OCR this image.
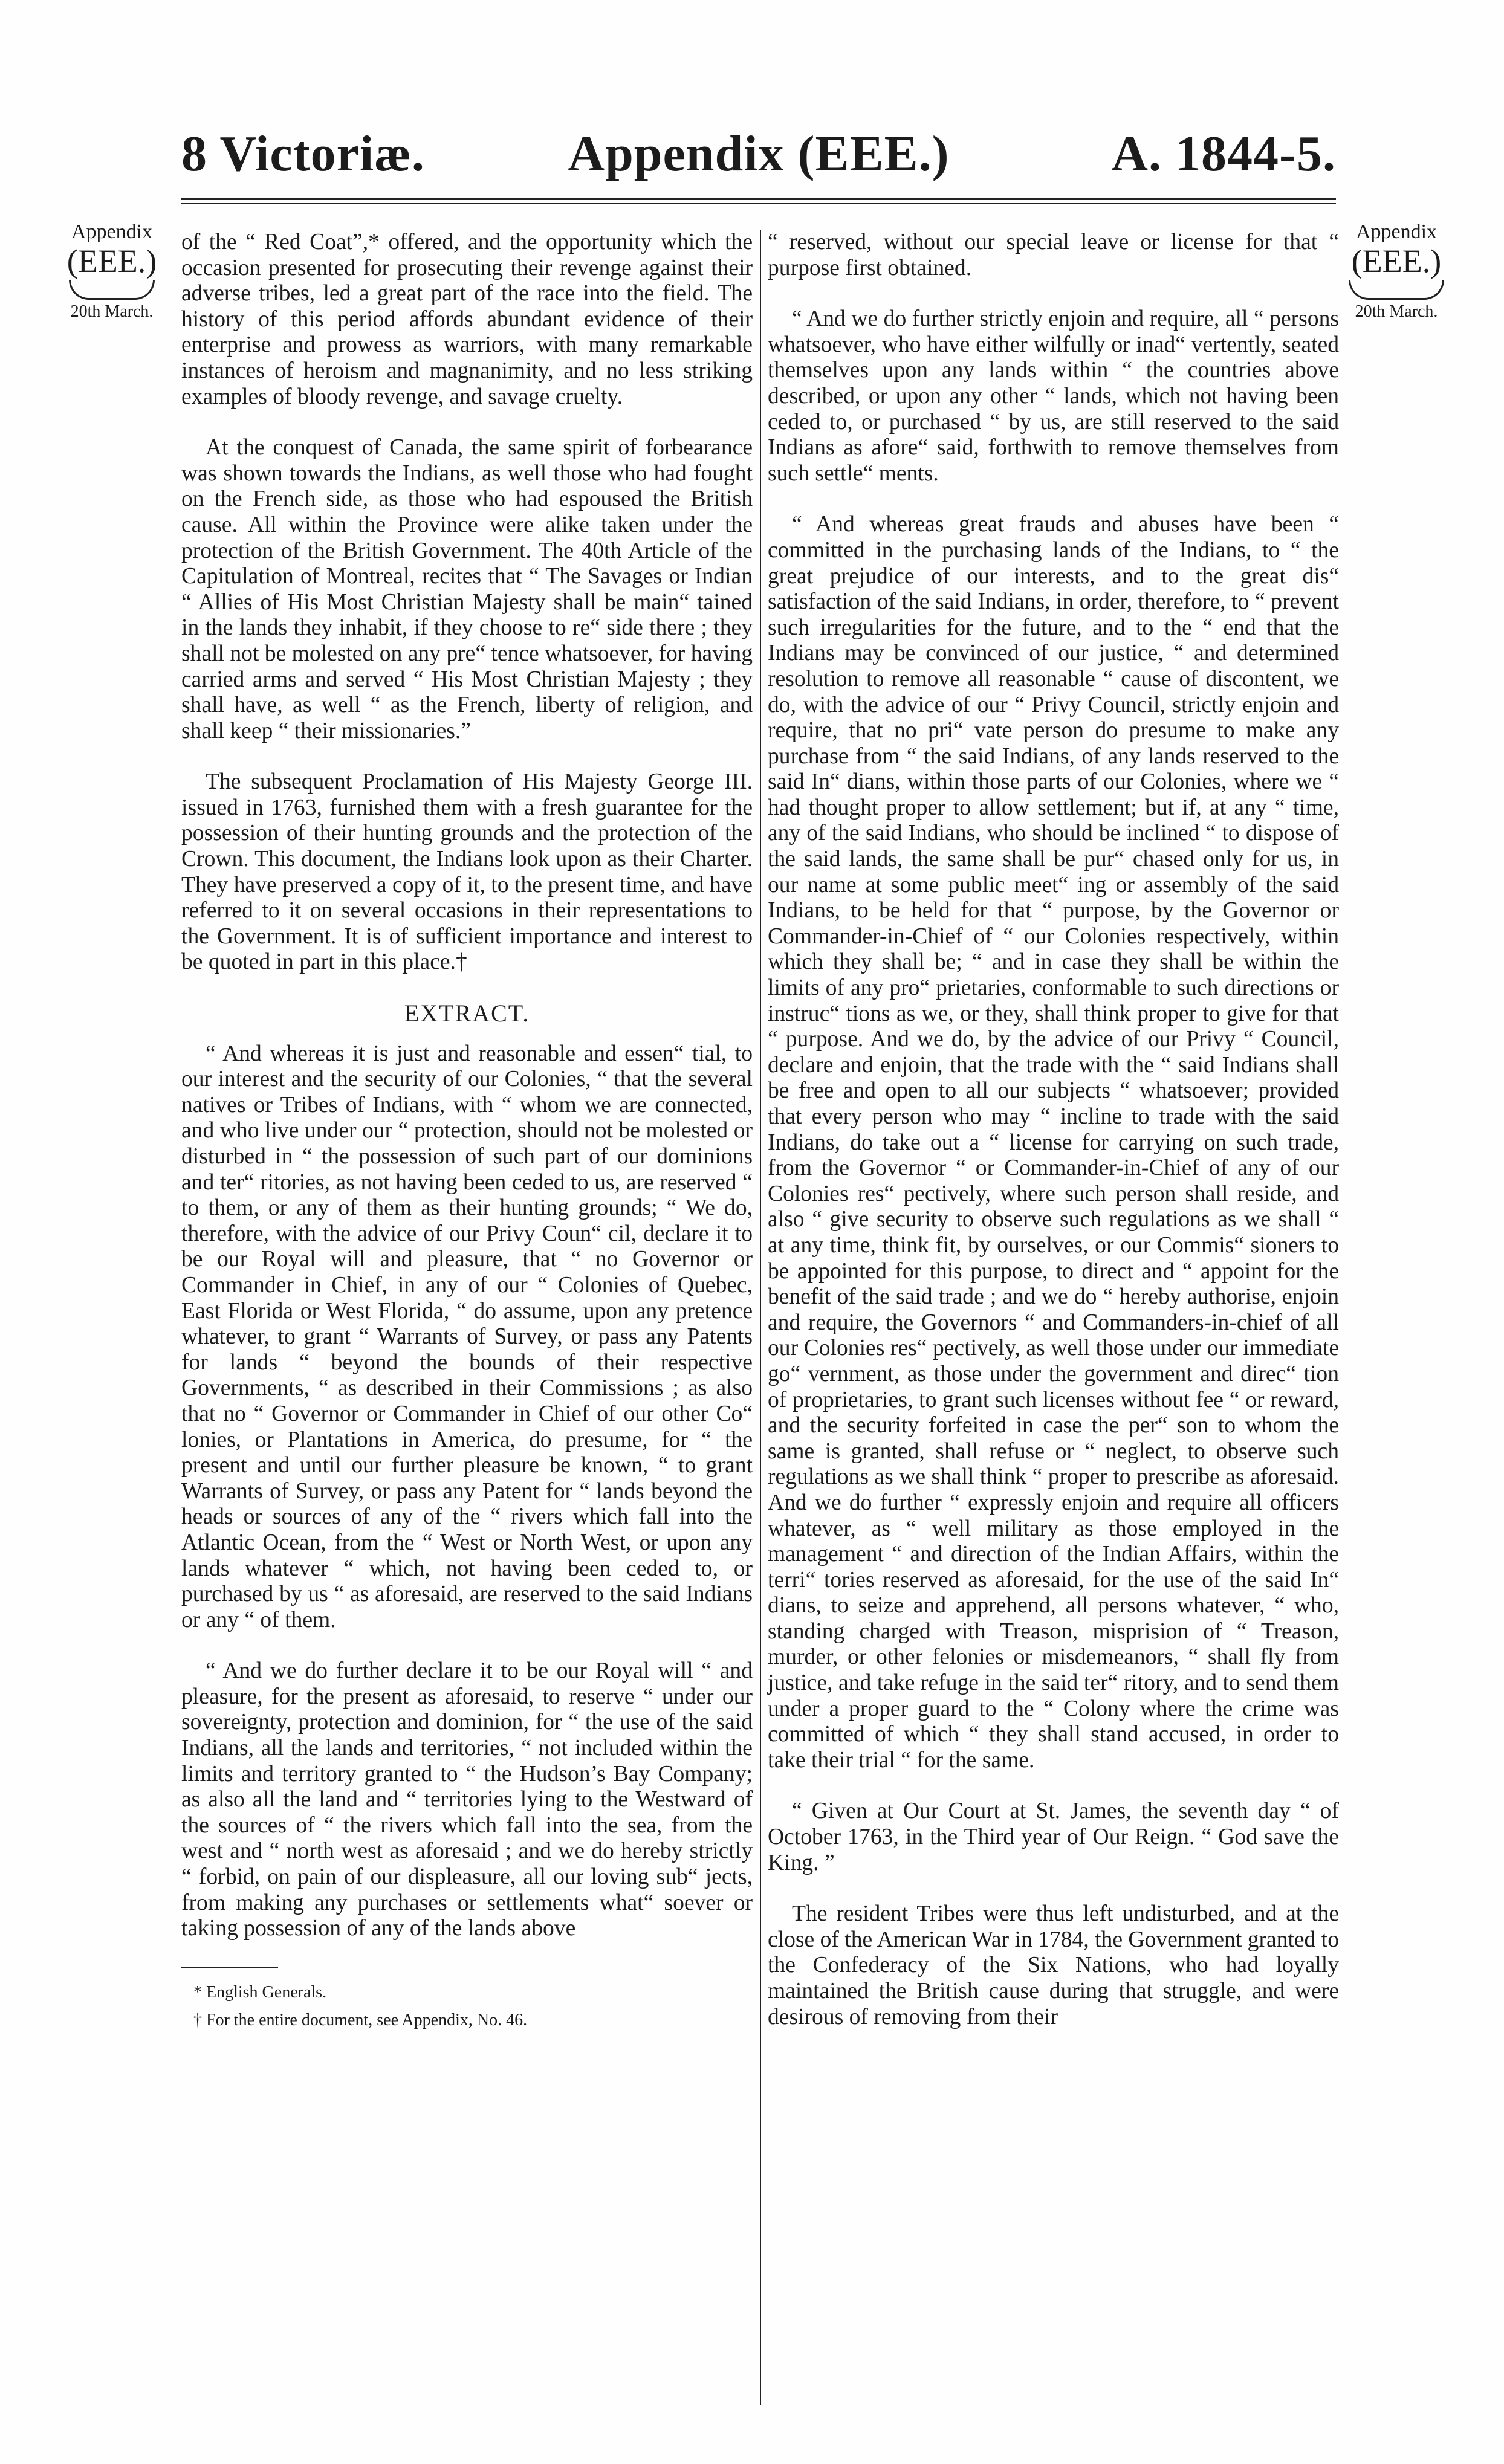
Appendix (EEE.)
8 Victoriæ.	A. 1844-5.
Appendix
(EEE.)
20th March.
Appendix
(EEE.)
20th March.

of the “ Red Coat”,* offered, and the opportunity which the occasion presented for prosecuting their revenge against their adverse tribes, led a great part of the race into the field. The history of this period affords abundant evidence of their enterprise and prowess as warriors, with many remarkable instances of heroism and magnanimity, and no less striking examples of bloody revenge, and savage cruelty.

At the conquest of Canada, the same spirit of forbearance was shown towards the Indians, as well those who had fought on the French side, as those who had espoused the British cause. All within the Province were alike taken under the protection of the British Government. The 40th Article of the Capitulation of Montreal, recites that “ The Savages or Indian “ Allies of His Most Christian Majesty shall be main“ tained in the lands they inhabit, if they choose to re“ side there ; they shall not be molested on any pre“ tence whatsoever, for having carried arms and served “ His Most Christian Majesty ; they shall have, as well “ as the French, liberty of religion, and shall keep “ their missionaries.”

The subsequent Proclamation of His Majesty George III. issued in 1763, furnished them with a fresh guarantee for the possession of their hunting grounds and the protection of the Crown. This document, the Indians look upon as their Charter. They have preserved a copy of it, to the present time, and have referred to it on several occasions in their representations to the Government. It is of sufficient importance and interest to be quoted in part in this place.†

EXTRACT.

“ And whereas it is just and reasonable and essen“ tial, to our interest and the security of our Colonies, “ that the several natives or Tribes of Indians, with “ whom we are connected, and who live under our “ protection, should not be molested or disturbed in “ the possession of such part of our dominions and ter“ ritories, as not having been ceded to us, are reserved “ to them, or any of them as their hunting grounds; “ We do, therefore, with the advice of our Privy Coun“ cil, declare it to be our Royal will and pleasure, that “ no Governor or Commander in Chief, in any of our “ Colonies of Quebec, East Florida or West Florida, “ do assume, upon any pretence whatever, to grant “ Warrants of Survey, or pass any Patents for lands “ beyond the bounds of their respective Governments, “ as described in their Commissions ; as also that no “ Governor or Commander in Chief of our other Co“ lonies, or Plantations in America, do presume, for “ the present and until our further pleasure be known, “ to grant Warrants of Survey, or pass any Patent for “ lands beyond the heads or sources of any of the “ rivers which fall into the Atlantic Ocean, from the “ West or North West, or upon any lands whatever “ which, not having been ceded to, or purchased by us “ as aforesaid, are reserved to the said Indians or any “ of them.

“ And we do further declare it to be our Royal will “ and pleasure, for the present as aforesaid, to reserve “ under our sovereignty, protection and dominion, for “ the use of the said Indians, all the lands and territories, “ not included within the limits and territory granted to “ the Hudson’s Bay Company; as also all the land and “ territories lying to the Westward of the sources of “ the rivers which fall into the sea, from the west and “ north west as aforesaid ; and we do hereby strictly “ forbid, on pain of our displeasure, all our loving sub“ jects, from making any purchases or settlements what“ soever or taking possession of any of the lands above

* English Generals.
† For the entire document, see Appendix, No. 46.

“ reserved, without our special leave or license for that “ purpose first obtained.

“ And we do further strictly enjoin and require, all “ persons whatsoever, who have either wilfully or inad“ vertently, seated themselves upon any lands within “ the countries above described, or upon any other “ lands, which not having been ceded to, or purchased “ by us, are still reserved to the said Indians as afore“ said, forthwith to remove themselves from such settle“ ments.

“ And whereas great frauds and abuses have been “ committed in the purchasing lands of the Indians, to “ the great prejudice of our interests, and to the great dis“ satisfaction of the said Indians, in order, therefore, to “ prevent such irregularities for the future, and to the “ end that the Indians may be convinced of our justice, “ and determined resolution to remove all reasonable “ cause of discontent, we do, with the advice of our “ Privy Council, strictly enjoin and require, that no pri“ vate person do presume to make any purchase from “ the said Indians, of any lands reserved to the said In“ dians, within those parts of our Colonies, where we “ had thought proper to allow settlement; but if, at any “ time, any of the said Indians, who should be inclined “ to dispose of the said lands, the same shall be pur“ chased only for us, in our name at some public meet“ ing or assembly of the said Indians, to be held for that “ purpose, by the Governor or Commander-in-Chief of “ our Colonies respectively, within which they shall be; “ and in case they shall be within the limits of any pro“ prietaries, conformable to such directions or instruc“ tions as we, or they, shall think proper to give for that “ purpose. And we do, by the advice of our Privy “ Council, declare and enjoin, that the trade with the “ said Indians shall be free and open to all our subjects “ whatsoever; provided that every person who may “ incline to trade with the said Indians, do take out a “ license for carrying on such trade, from the Governor “ or Commander-in-Chief of any of our Colonies res“ pectively, where such person shall reside, and also “ give security to observe such regulations as we shall “ at any time, think fit, by ourselves, or our Commis“ sioners to be appointed for this purpose, to direct and “ appoint for the benefit of the said trade ; and we do “ hereby authorise, enjoin and require, the Governors “ and Commanders-in-chief of all our Colonies res“ pectively, as well those under our immediate go“ vernment, as those under the government and direc“ tion of proprietaries, to grant such licenses without fee “ or reward, and the security forfeited in case the per“ son to whom the same is granted, shall refuse or “ neglect, to observe such regulations as we shall think “ proper to prescribe as aforesaid. And we do further “ expressly enjoin and require all officers whatever, as “ well military as those employed in the management “ and direction of the Indian Affairs, within the terri“ tories reserved as aforesaid, for the use of the said In“ dians, to seize and apprehend, all persons whatever, “ who, standing charged with Treason, misprision of “ Treason, murder, or other felonies or misdemeanors, “ shall fly from justice, and take refuge in the said ter“ ritory, and to send them under a proper guard to the “ Colony where the crime was committed of which “ they shall stand accused, in order to take their trial “ for the same.

“ Given at Our Court at St. James, the seventh day “ of October 1763, in the Third year of Our Reign. “ God save the King. ”

The resident Tribes were thus left undisturbed, and at the close of the American War in 1784, the Government granted to the Confederacy of the Six Nations, who had loyally maintained the British cause during that struggle, and were desirous of removing from their
